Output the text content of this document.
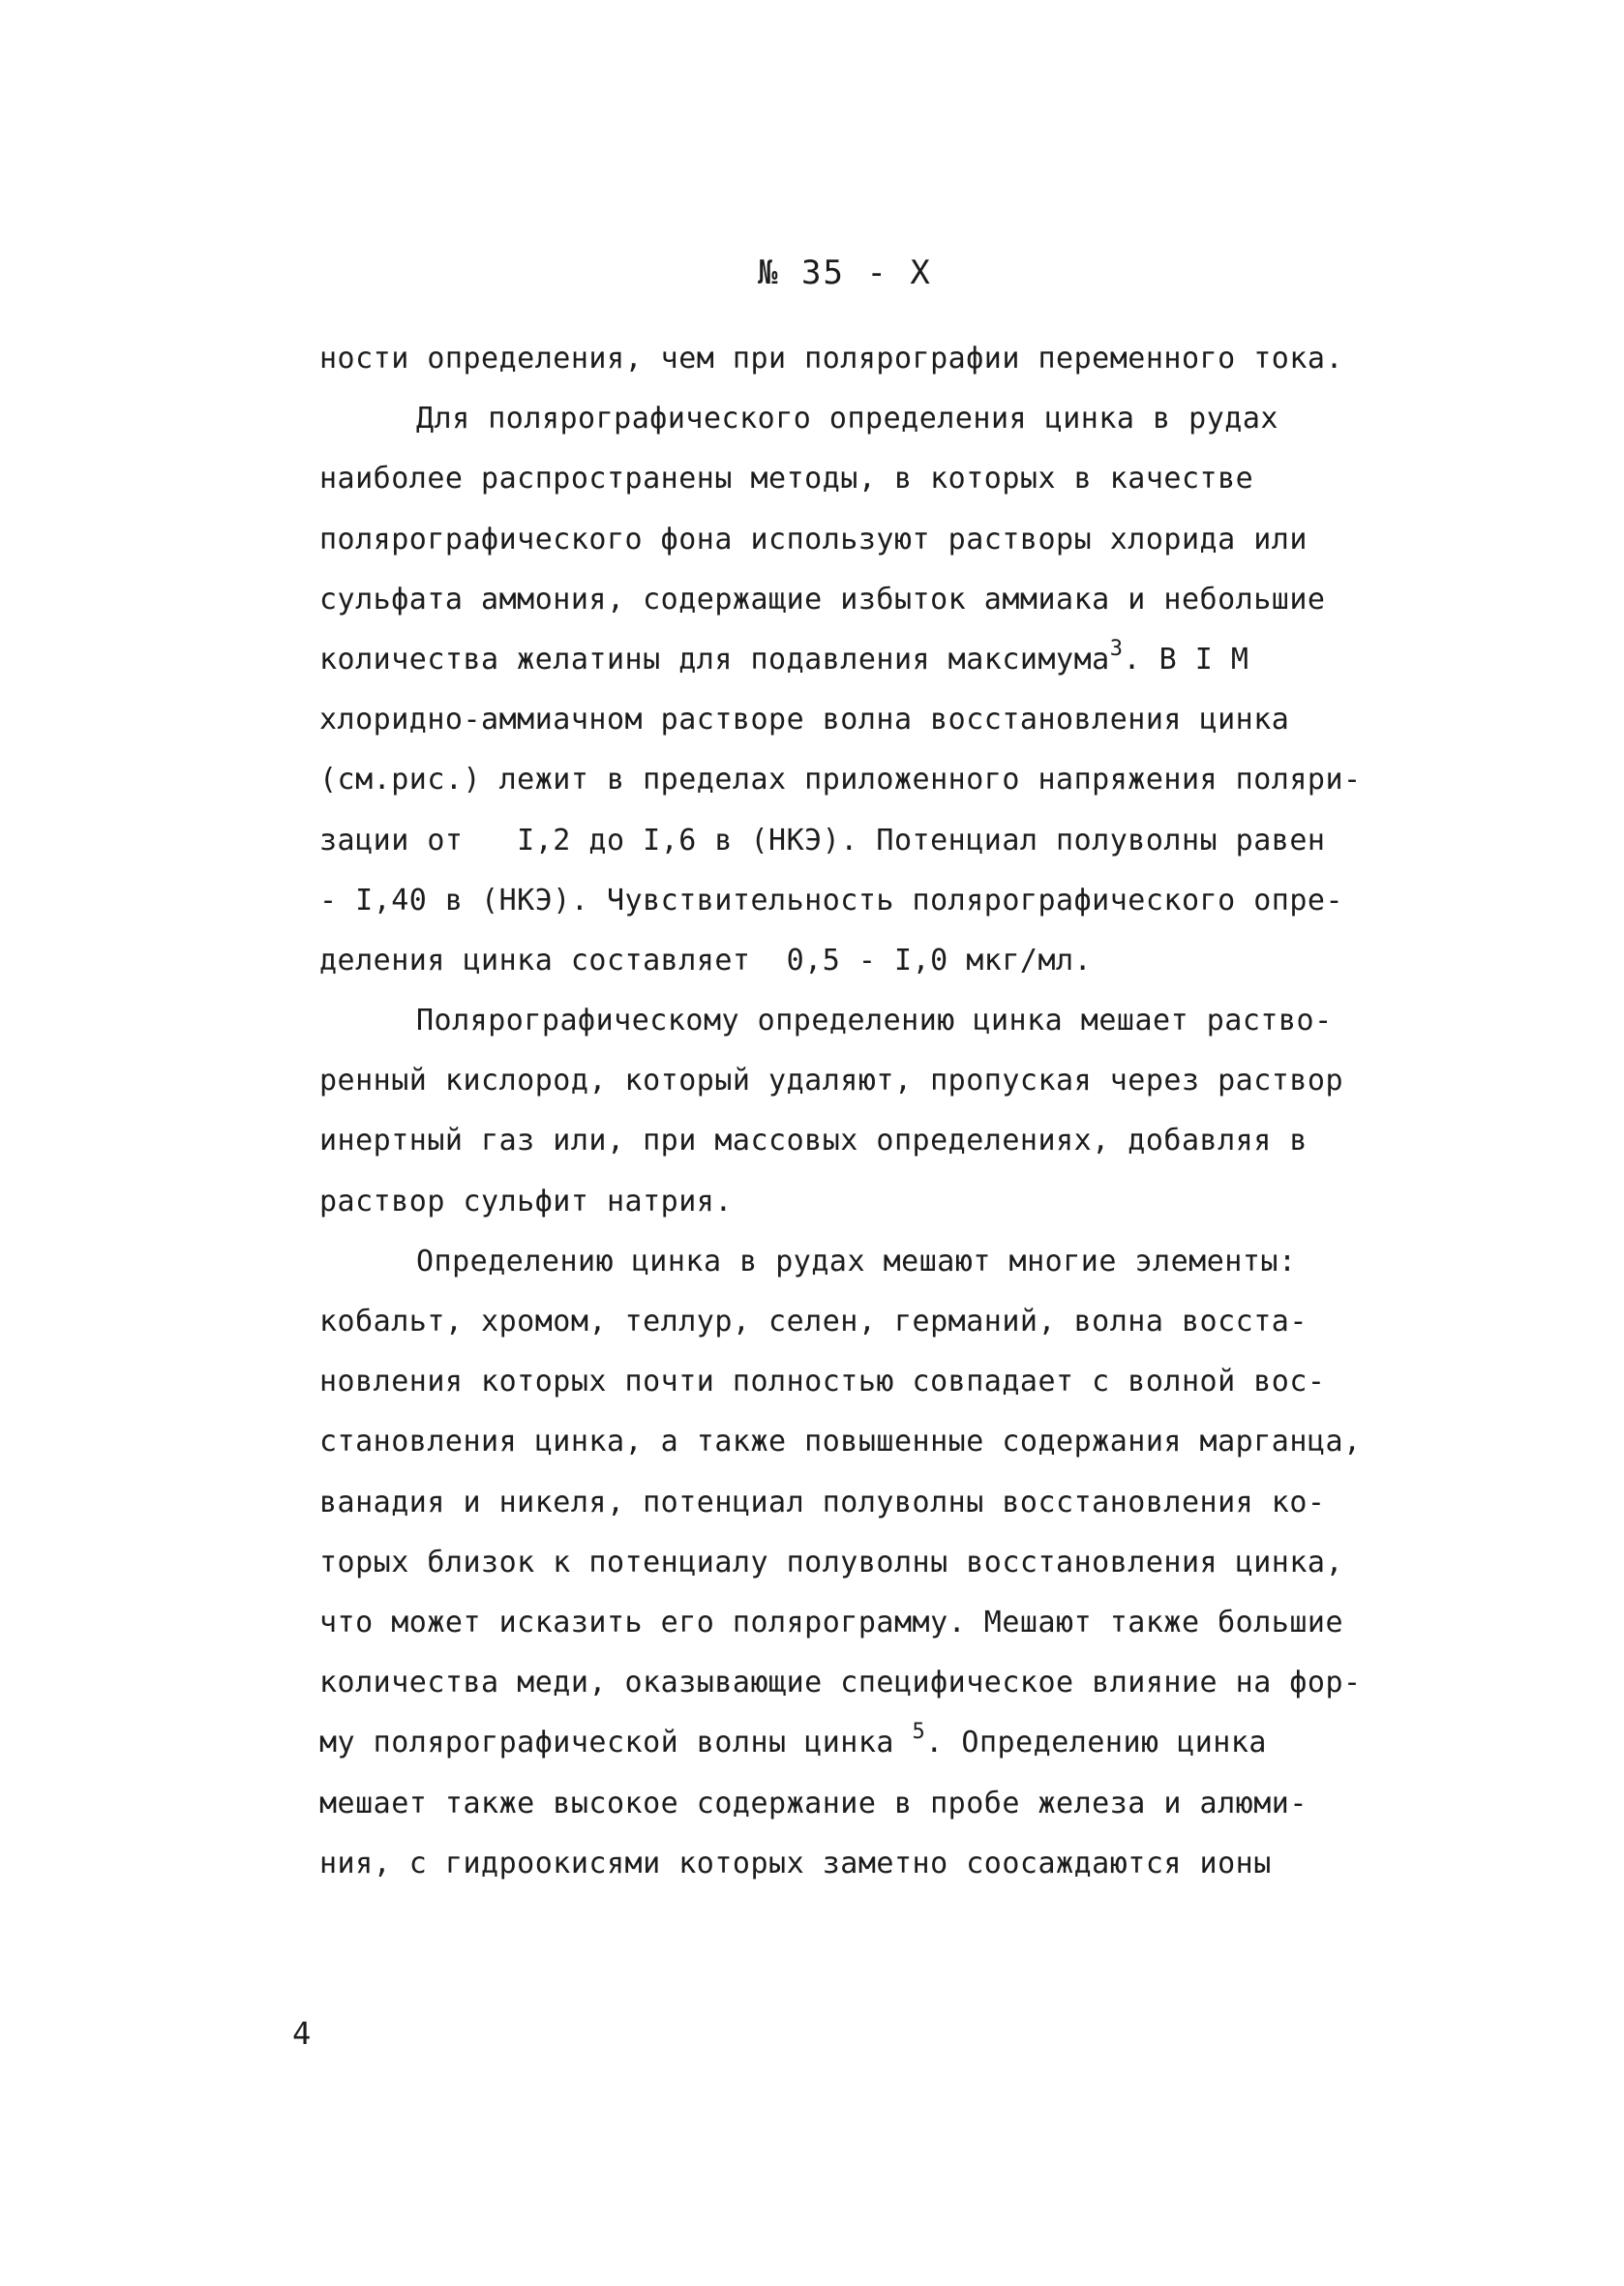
№ 35 - X
ности определения, чем при полярографии переменного тока.
Для полярографического определения цинка в рудах
наиболее распространены методы, в которых в качестве
полярографического фона используют растворы хлорида или
сульфата аммония, содержащие избыток аммиака и небольшие
количества желатины для подавления максимума$^3$. В I М
хлоридно-аммиачном растворе волна восстановления цинка
(см.рис.) лежит в пределах приложенного напряжения поляри-
зации от   I,2 до I,6 в (НКЭ). Потенциал полуволны равен
- I,40 в (НКЭ). Чувствительность полярографического опре-
деления цинка составляет  0,5 - I,0 мкг/мл.
Полярографическому определению цинка мешает раство-
ренный кислород, который удаляют, пропуская через раствор
инертный газ или, при массовых определениях, добавляя в
раствор сульфит натрия.
Определению цинка в рудах мешают многие элементы:
кобальт, хромом, теллур, селен, германий, волна восста-
новления которых почти полностью совпадает с волной вос-
становления цинка, а также повышенные содержания марганца,
ванадия и никеля, потенциал полуволны восстановления ко-
торых близок к потенциалу полуволны восстановления цинка,
что может исказить его полярограмму. Мешают также большие
количества меди, оказывающие специфическое влияние на фор-
му полярографической волны цинка $^5$. Определению цинка
мешает также высокое содержание в пробе железа и алюми-
ния, с гидроокисями которых заметно соосаждаются ионы
4
